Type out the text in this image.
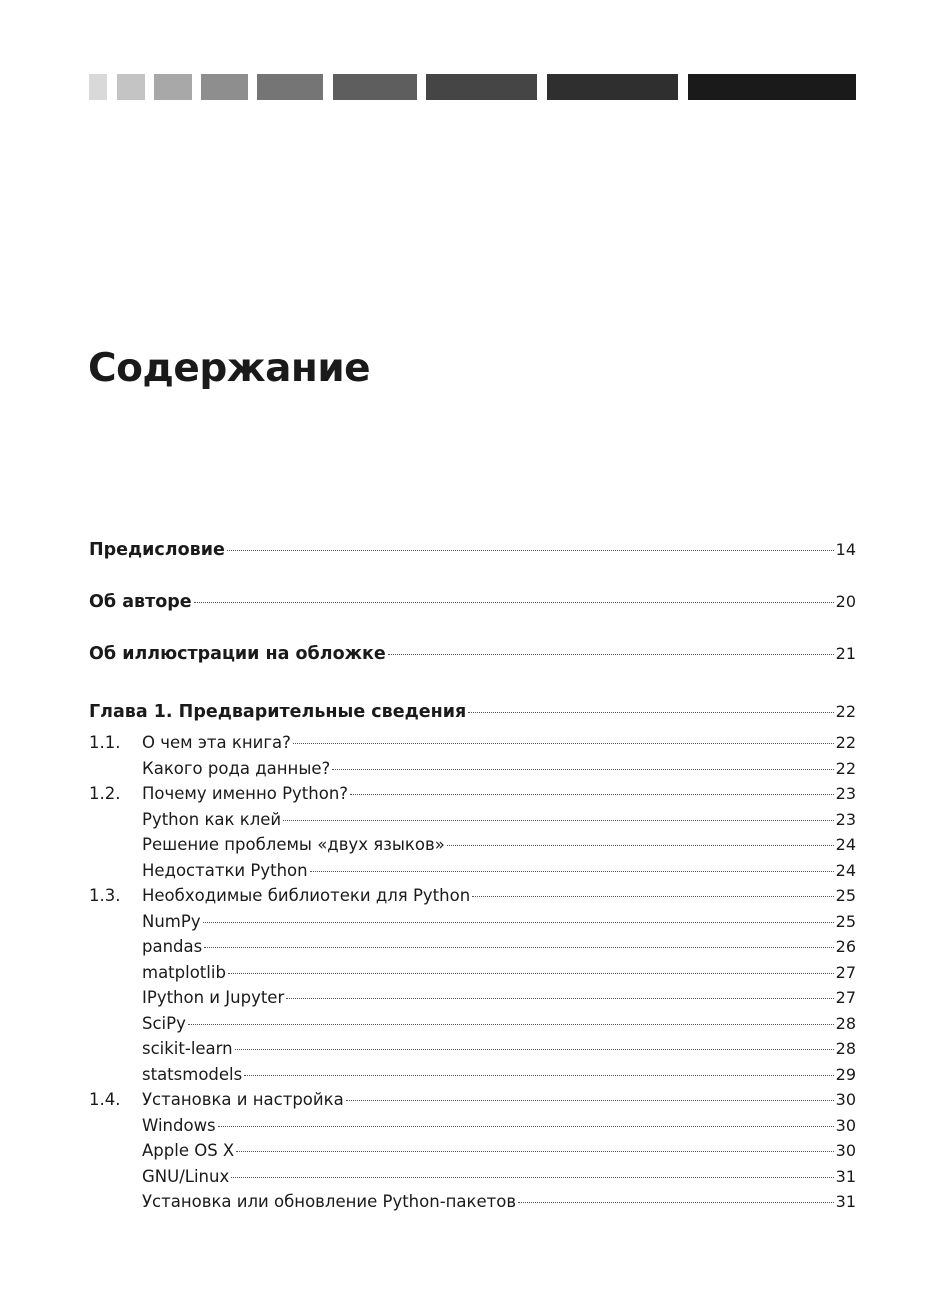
Содержание
Предисловие	14
Об авторе	20
Об иллюстрации на обложке	21
Глава 1. Предварительные сведения	22
1.1.	О чем эта книга?	22
Какого рода данные?	22
1.2.	Почему именно Python?	23
Python как клей	23
Решение проблемы «двух языков»	24
Недостатки Python	24
1.3.	Необходимые библиотеки для Python	25
NumPy	25
pandas	26
matplotlib	27
IPython и Jupyter	27
SciPy	28
scikit-learn	28
statsmodels	29
1.4.	Установка и настройка	30
Windows	30
Apple OS X	30
GNU/Linux	31
Установка или обновление Python-пакетов	31
